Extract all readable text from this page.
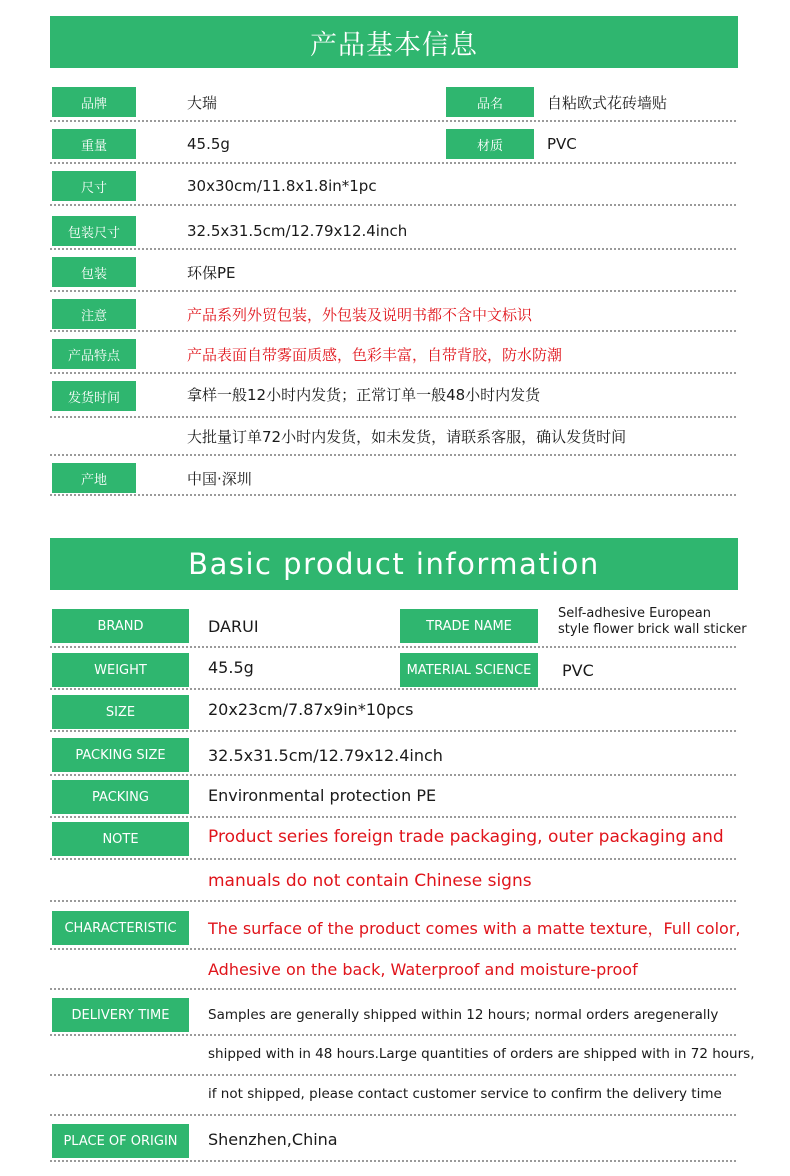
产品基本信息
品牌	大瑞	品名	自粘欧式花砖墙贴
重量	45.5g	材质	PVC
尺寸	30x30cm/11.8x1.8in*1pc
包装尺寸	32.5x31.5cm/12.79x12.4inch
包装	环保PE
注意	产品系列外贸包装，外包装及说明书都不含中文标识
产品特点	产品表面自带雾面质感，色彩丰富，自带背胶，防水防潮
发货时间	拿样一般12小时内发货；正常订单一般48小时内发货
大批量订单72小时内发货，如未发货，请联系客服，确认发货时间
产地	中国·深圳
Basic product information
BRAND	DARUI	TRADE NAME
Self-adhesive European
style flower brick wall sticker
WEIGHT	45.5g	MATERIAL SCIENCE	PVC
SIZE	20x23cm/7.87x9in*10pcs
PACKING SIZE	32.5x31.5cm/12.79x12.4inch
PACKING	Environmental protection PE
NOTE	Product series foreign trade packaging, outer packaging and
manuals do not contain Chinese signs
CHARACTERISTIC	The surface of the product comes with a matte texture，Full color,
Adhesive on the back, Waterproof and moisture-proof
DELIVERY TIME	Samples are generally shipped within 12 hours; normal orders aregenerally
shipped with in 48 hours.Large quantities of orders are shipped with in 72 hours,
if not shipped, please contact customer service to confirm the delivery time
PLACE OF ORIGIN	Shenzhen,China
